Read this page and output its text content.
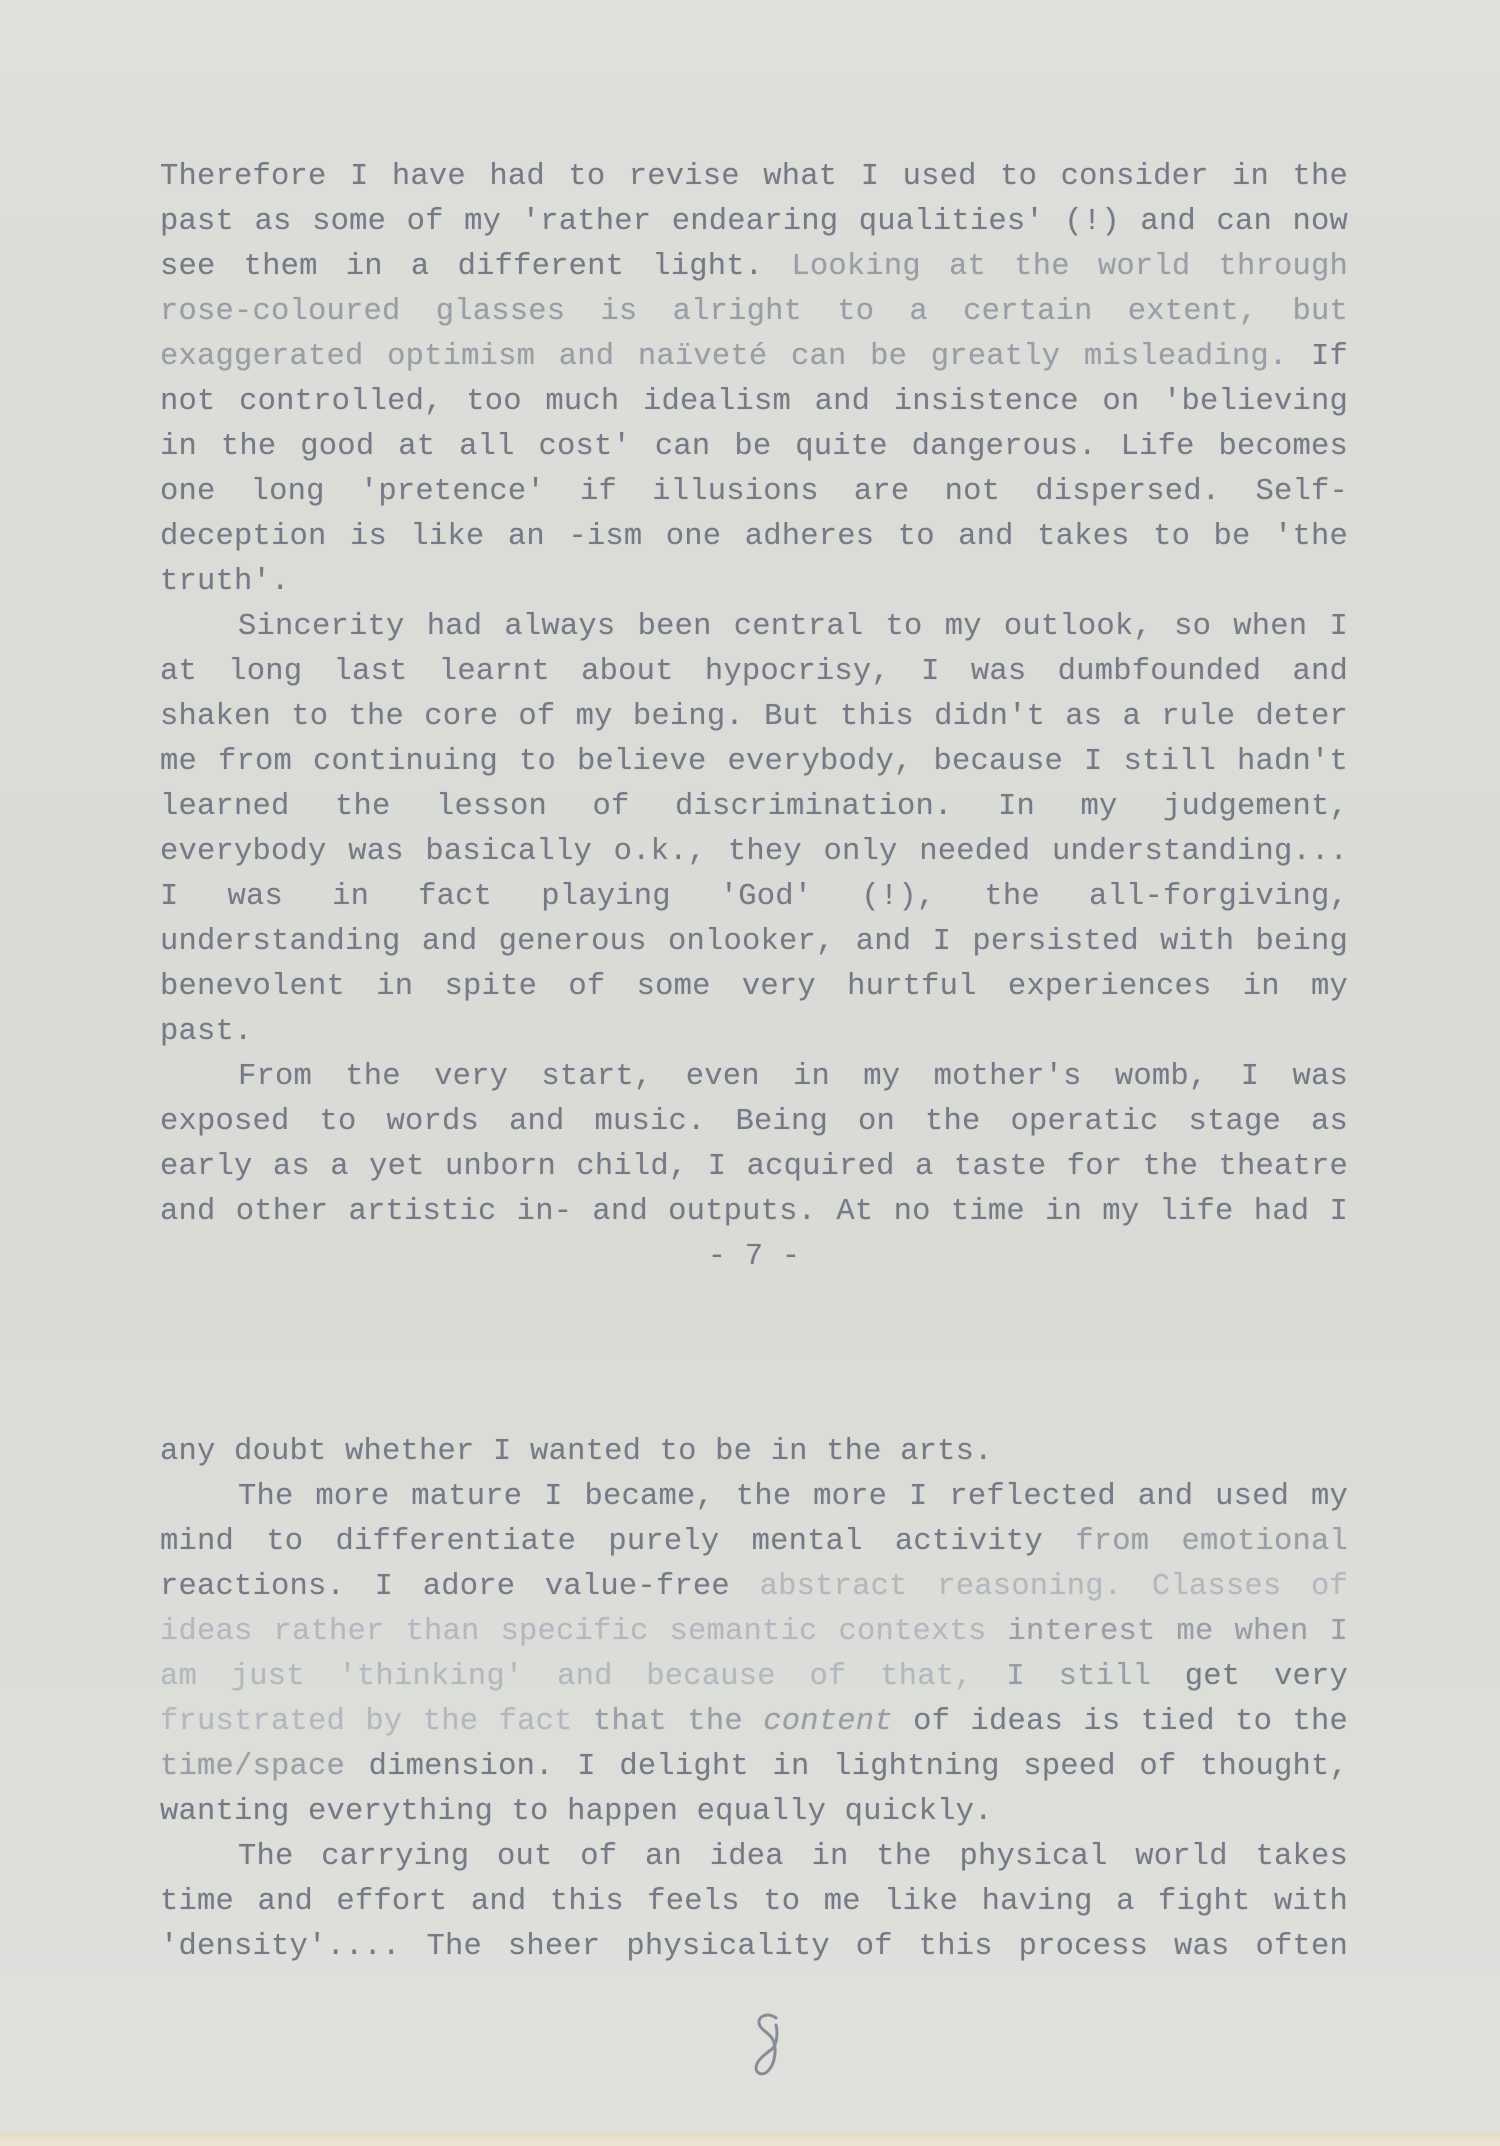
Therefore I have had to revise what I used to consider in the
past as some of my 'rather endearing qualities' (!) and can now
see them in a different light. Looking at the world through
rose-coloured glasses is alright to a certain extent, but
exaggerated optimism and naïveté can be greatly misleading. If
not controlled, too much idealism and insistence on 'believing
in the good at all cost' can be quite dangerous. Life becomes
one long 'pretence' if illusions are not dispersed. Self-
deception is like an -ism one adheres to and takes to be 'the
truth'.
Sincerity had always been central to my outlook, so when I
at long last learnt about hypocrisy, I was dumbfounded and
shaken to the core of my being. But this didn't as a rule deter
me from continuing to believe everybody, because I still hadn't
learned the lesson of discrimination. In my judgement,
everybody was basically o.k., they only needed understanding...
I was in fact playing 'God' (!), the all-forgiving,
understanding and generous onlooker, and I persisted with being
benevolent in spite of some very hurtful experiences in my
past.
From the very start, even in my mother's womb, I was
exposed to words and music. Being on the operatic stage as
early as a yet unborn child, I acquired a taste for the theatre
and other artistic in- and outputs. At no time in my life had I
- 7 -
any doubt whether I wanted to be in the arts.
The more mature I became, the more I reflected and used my
mind to differentiate purely mental activity from emotional
reactions. I adore value-free abstract reasoning. Classes of
ideas rather than specific semantic contexts interest me when I
am just 'thinking' and because of that, I still get very
frustrated by the fact that the content of ideas is tied to the
time/space dimension. I delight in lightning speed of thought,
wanting everything to happen equally quickly.
The carrying out of an idea in the physical world takes
time and effort and this feels to me like having a fight with
'density'.... The sheer physicality of this process was often
